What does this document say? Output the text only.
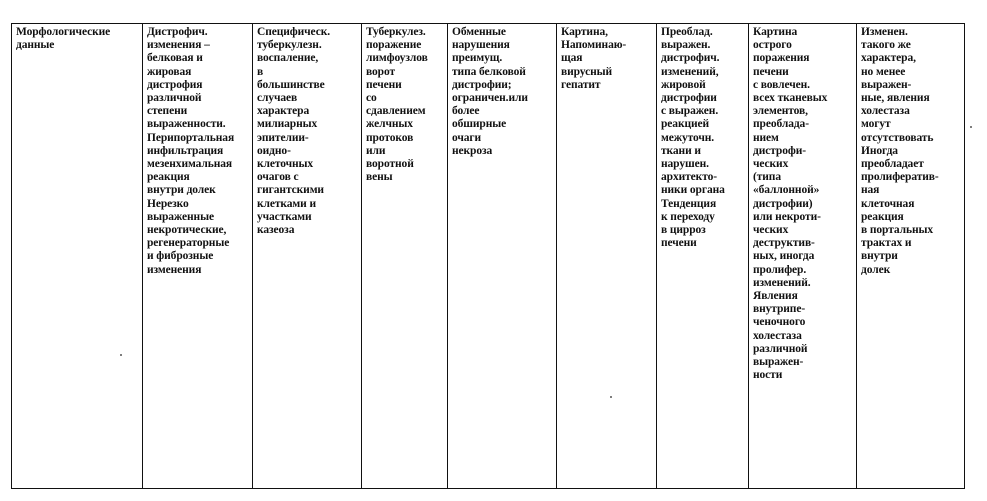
Морфологические
данные

Дистрофич.
изменения –
белковая и
жировая
дистрофия
различной
степени
выраженности.
Перипортальная
инфильтрация
мезенхимальная
реакция
внутри долек
Нерезко
выраженные
некротические,
регенераторные
и фиброзные
изменения

Специфическ.
туберкулезн.
воспаление,
в
большинстве
случаев
характера
милиарных
эпителии-
оидно-
клеточных
очагов с
гигантскими
клетками и
участками
казеоза

Туберкулез.
поражение
лимфоузлов
ворот
печени
со
сдавлением
желчных
протоков
или
воротной
вены

Обменные
нарушения
преимущ.
типа белковой
дистрофии;
ограничен.или
более
обширные
очаги
некроза

Картина,
Напоминаю-
щая
вирусный
гепатит

Преоблад.
выражен.
дистрофич.
изменений,
жировой
дистрофии
с выражен.
реакцией
межуточн.
ткани и
нарушен.
архитекто-
ники органа
Тенденция
к переходу
в цирроз
печени

Картина
острого
поражения
печени
с вовлечен.
всех тканевых
элементов,
преоблада-
нием
дистрофи-
ческих
(типа
«баллонной»
дистрофии)
или некроти-
ческих
деструктив-
ных, иногда
пролифер.
изменений.
Явления
внутрипе-
ченочного
холестаза
различной
выражен-
ности

Изменен.
такого же
характера,
но менее
выражен-
ные, явления
холестаза
могут
отсутствовать
Иногда
преобладает
пролифератив-
ная
клеточная
реакция
в портальных
трактах и
внутри
долек
